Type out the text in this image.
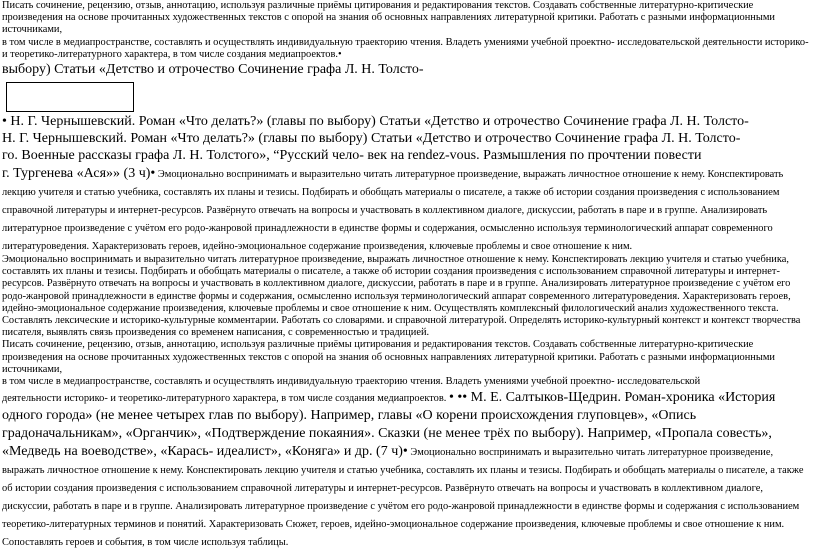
Писать сочинение, рецензию, отзыв, аннотацию, используя различные приёмы цитирования и редактирования текстов. Создавать собственные литературно-критические произведения на основе прочитанных художественных текстов с опорой на знания об основных направлениях литературной критики. Работать с разными информационными источниками,

в том числе в медиапространстве, составлять и осуществлять индивидуальную траекторию чтения. Владеть умениями учебной проектно- исследовательской деятельности историко- и теоретико-литературного характера, в том числе создания медиапроектов.•

выбору) Статьи «Детство и отрочество Сочинение графа Л. Н. Толсто-

• Н. Г. Чернышевский. Роман «Что делать?» (главы по выбору) Статьи «Детство и отрочество Сочинение графа Л. Н. Толсто-

Н. Г. Чернышевский. Роман «Что делать?» (главы по выбору) Статьи «Детство и отрочество Сочинение графа Л. Н. Толсто-

го. Военные рассказы графа Л. Н. Толстого», “Русский чело- век на rendez-vous. Размышления по прочтении повести

г. Тургенева «Ася»» (3 ч)• Эмоционально воспринимать и выразительно читать литературное произведение, выражать личностное отношение к нему. Конспектировать лекцию учителя и статью учебника, составлять их планы и тезисы. Подбирать и обобщать материалы о писателе, а также об истории создания произведения с использованием справочной литературы и интернет-ресурсов. Развёрнуто отвечать на вопросы и участвовать в коллективном диалоге, дискуссии, работать в паре и в группе. Анализировать литературное произведение с учётом его родо-жанровой принадлежности в единстве формы и содержания, осмысленно используя терминологический аппарат современного литературоведения. Характеризовать героев, идейно-эмоциональное содержание произведения, ключевые проблемы и свое отношение к ним.

Эмоционально воспринимать и выразительно читать литературное произведение, выражать личностное отношение к нему. Конспектировать лекцию учителя и статью учебника, составлять их планы и тезисы. Подбирать и обобщать материалы о писателе, а также об истории создания произведения с использованием справочной литературы и интернет-ресурсов. Развёрнуто отвечать на вопросы и участвовать в коллективном диалоге, дискуссии, работать в паре и в группе. Анализировать литературное произведение с учётом его родо-жанровой принадлежности в единстве формы и содержания, осмысленно используя терминологический аппарат современного литературоведения. Характеризовать героев, идейно-эмоциональное содержание произведения, ключевые проблемы и свое отношение к ним. Осуществлять комплексный филологический анализ художественного текста. Составлять лексические и историко-культурные комментарии. Работать со словарями. и справочной литературой. Определять историко-культурный контекст и контекст творчества писателя, выявлять связь произведения со временем написания, с современностью и традицией.

Писать сочинение, рецензию, отзыв, аннотацию, используя различные приёмы цитирования и редактирования текстов. Создавать собственные литературно-критические произведения на основе прочитанных художественных текстов с опорой на знания об основных направлениях литературной критики. Работать с разными информационными источниками,

в том числе в медиапространстве, составлять и осуществлять индивидуальную траекторию чтения. Владеть умениями учебной проектно- исследовательской

деятельности историко- и теоретико-литературного характера, в том числе создания медиапроектов. • •• М. Е. Салтыков-Щедрин. Роман-хроника «История одного города» (не менее четырех глав по выбору). Например, главы «О корени происхождения глуповцев», «Опись градоначальникам», «Органчик», «Подтверждение покаяния». Сказки (не менее трёх по выбору). Например, «Пропала совесть», «Медведь на воеводстве», «Карась- идеалист», «Коняга» и др. (7 ч)• Эмоционально воспринимать и выразительно читать литературное произведение, выражать личностное отношение к нему. Конспектировать лекцию учителя и статью учебника, составлять их планы и тезисы. Подбирать и обобщать материалы о писателе, а также об истории создания произведения с использованием справочной литературы и интернет-ресурсов. Развёрнуто отвечать на вопросы и участвовать в коллективном диалоге, дискуссии, работать в паре и в группе. Анализировать литературное произведение с учётом его родо-жанровой принадлежности в единстве формы и содержания с использованием теоретико-литературных терминов и понятий. Характеризовать Сюжет, героев, идейно-эмоциональное содержание произведения, ключевые проблемы и свое отношение к ним. Сопоставлять героев и события, в том числе используя таблицы.
